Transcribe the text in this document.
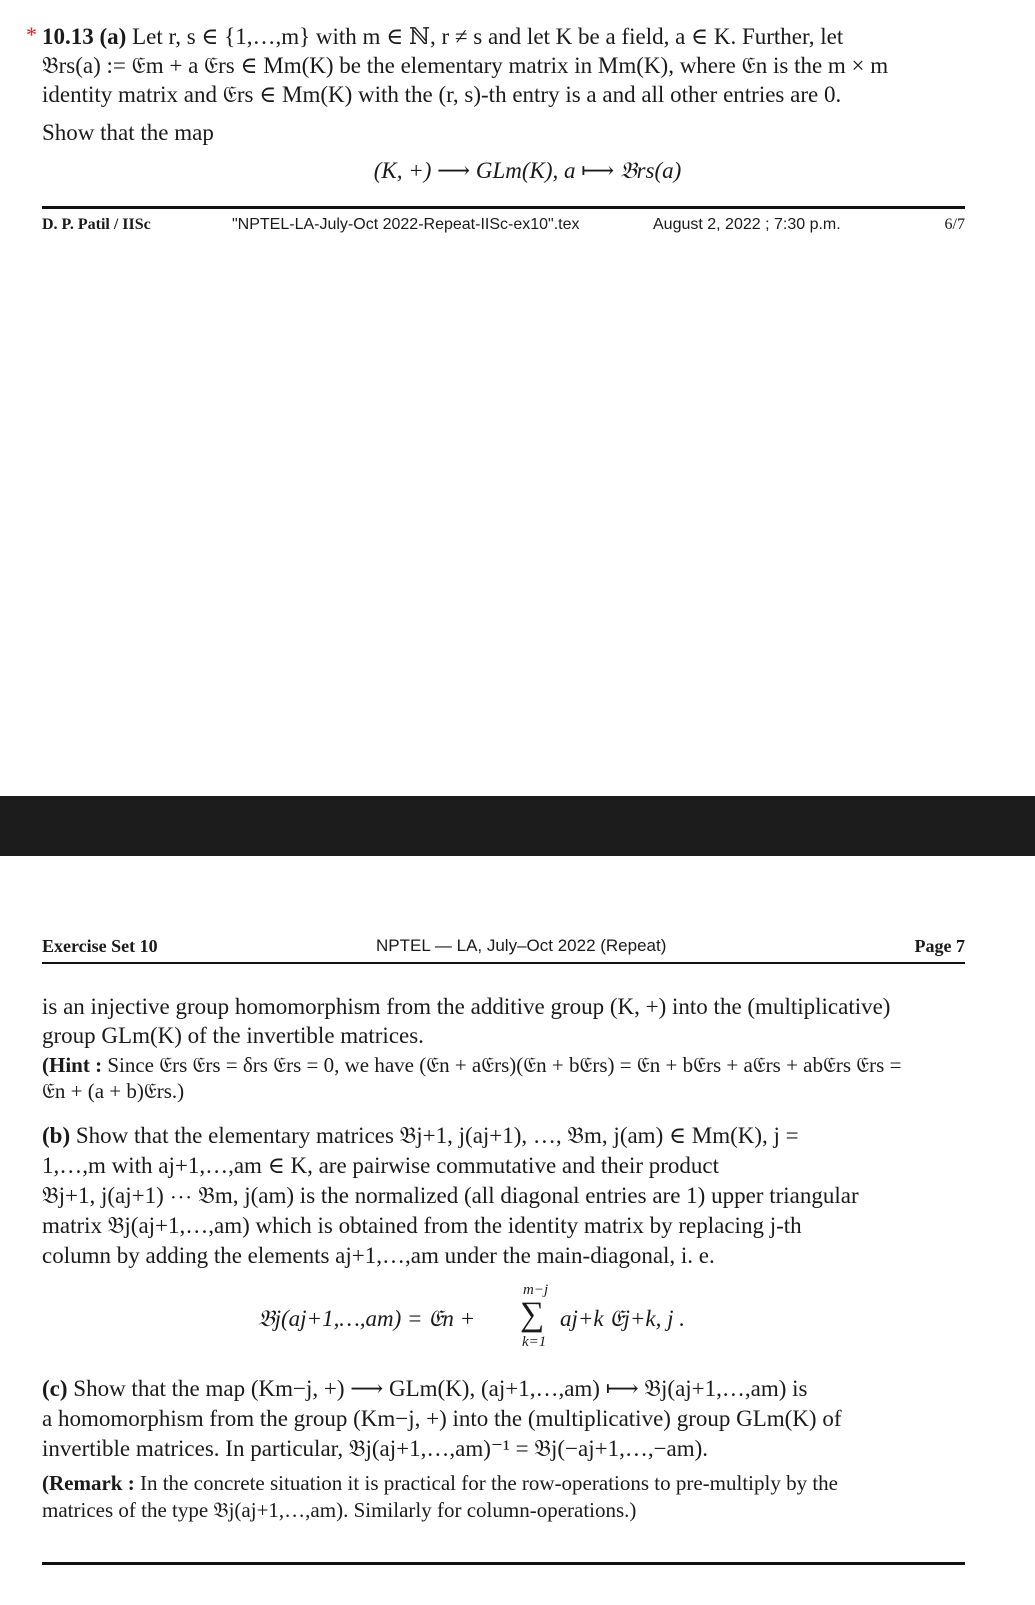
* 10.13 (a) Let r, s ∈ {1,…,m} with m ∈ ℕ, r ≠ s and let K be a field, a ∈ K. Further, let

𝔅rs(a) := 𝔈m + a 𝔈rs ∈ Mm(K) be the elementary matrix in Mm(K), where 𝔈n is the m × m

identity matrix and 𝔈rs ∈ Mm(K) with the (r, s)-th entry is a and all other entries are 0.

Show that the map
(K, +) ⟶ GLm(K), a ⟼ 𝔅rs(a)
D. P. Patil / IISc	"NPTEL-LA-July-Oct 2022-Repeat-IISc-ex10".tex	August 2, 2022 ; 7:30 p.m.	6/7
Exercise Set 10	NPTEL — LA, July–Oct 2022 (Repeat)	Page 7

is an injective group homomorphism from the additive group (K, +) into the (multiplicative)

group GLm(K) of the invertible matrices.

(Hint : Since 𝔈rs 𝔈rs = δrs 𝔈rs = 0, we have (𝔈n + a𝔈rs)(𝔈n + b𝔈rs) = 𝔈n + b𝔈rs + a𝔈rs + ab𝔈rs 𝔈rs =

𝔈n + (a + b)𝔈rs.)

(b) Show that the elementary matrices 𝔅j+1, j(aj+1), …, 𝔅m, j(am) ∈ Mm(K), j =

1,…,m with aj+1,…,am ∈ K, are pairwise commutative and their product

𝔅j+1, j(aj+1) ⋯ 𝔅m, j(am) is the normalized (all diagonal entries are 1) upper triangular

matrix 𝔅j(aj+1,…,am) which is obtained from the identity matrix by replacing j-th

column by adding the elements aj+1,…,am under the main-diagonal, i. e.

𝔅j(aj+1,…,am) = 𝔈n +
m−j
∑
k=1
aj+k 𝔈j+k, j .

(c) Show that the map (Km−j, +) ⟶ GLm(K), (aj+1,…,am) ⟼ 𝔅j(aj+1,…,am) is

a homomorphism from the group (Km−j, +) into the (multiplicative) group GLm(K) of

invertible matrices. In particular, 𝔅j(aj+1,…,am)⁻¹ = 𝔅j(−aj+1,…,−am).

(Remark : In the concrete situation it is practical for the row-operations to pre-multiply by the

matrices of the type 𝔅j(aj+1,…,am). Similarly for column-operations.)
